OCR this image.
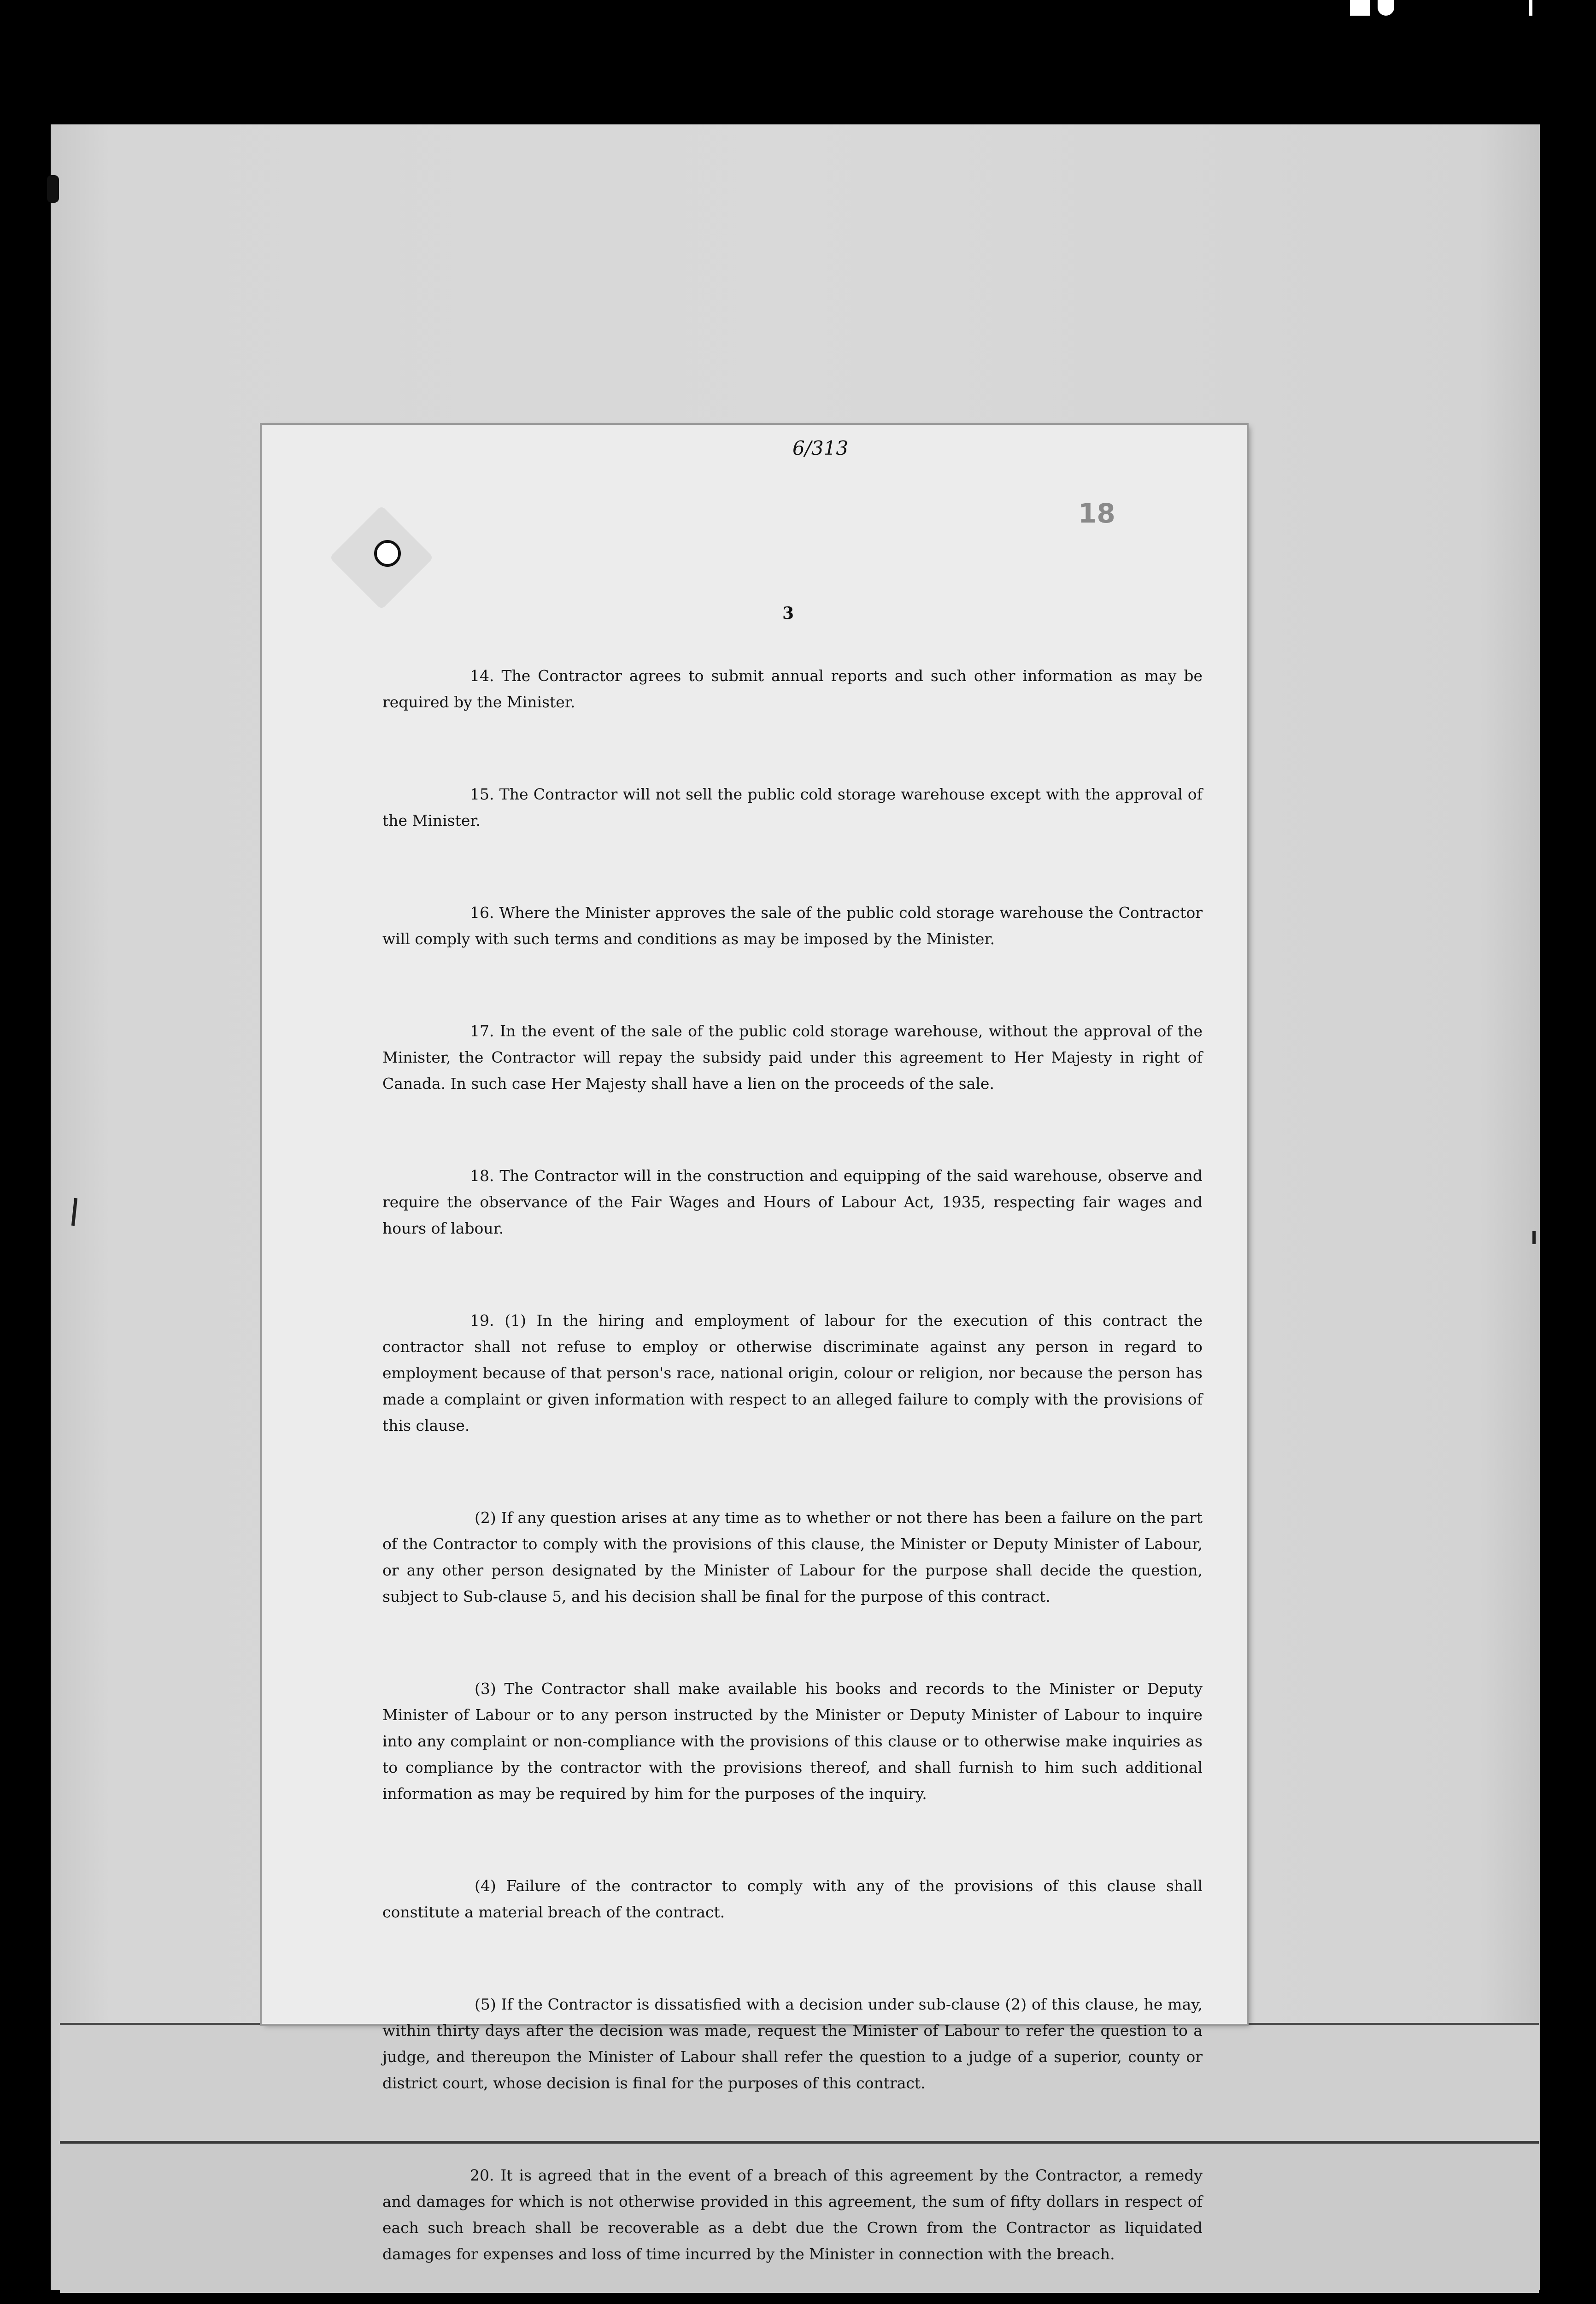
6/313
18
3

14. The Contractor agrees to submit annual reports and such other information as may be required by the Minister.

15. The Contractor will not sell the public cold storage warehouse except with the approval of the Minister.

16. Where the Minister approves the sale of the public cold storage warehouse the Contractor will comply with such terms and conditions as may be imposed by the Minister.

17. In the event of the sale of the public cold storage warehouse, without the approval of the Minister, the Contractor will repay the subsidy paid under this agreement to Her Majesty in right of Canada. In such case Her Majesty shall have a lien on the proceeds of the sale.

18. The Contractor will in the construction and equipping of the said warehouse, observe and require the observance of the Fair Wages and Hours of Labour Act, 1935, respecting fair wages and hours of labour.

19. (1) In the hiring and employment of labour for the execution of this contract the contractor shall not refuse to employ or otherwise discriminate against any person in regard to employment because of that person's race, national origin, colour or religion, nor because the person has made a complaint or given information with respect to an alleged failure to comply with the provisions of this clause.

(2) If any question arises at any time as to whether or not there has been a failure on the part of the Contractor to comply with the provisions of this clause, the Minister or Deputy Minister of Labour, or any other person designated by the Minister of Labour for the purpose shall decide the question, subject to Sub-clause 5, and his decision shall be final for the purpose of this contract.

(3) The Contractor shall make available his books and records to the Minister or Deputy Minister of Labour or to any person instructed by the Minister or Deputy Minister of Labour to inquire into any complaint or non-compliance with the provisions of this clause or to otherwise make inquiries as to compliance by the contractor with the provisions thereof, and shall furnish to him such additional information as may be required by him for the purposes of the inquiry.

(4) Failure of the contractor to comply with any of the provisions of this clause shall constitute a material breach of the contract.

(5) If the Contractor is dissatisfied with a decision under sub-clause (2) of this clause, he may, within thirty days after the decision was made, request the Minister of Labour to refer the question to a judge, and thereupon the Minister of Labour shall refer the question to a judge of a superior, county or district court, whose decision is final for the purposes of this contract.

20. It is agreed that in the event of a breach of this agreement by the Contractor, a remedy and damages for which is not otherwise provided in this agreement, the sum of fifty dollars in respect of each such breach shall be recoverable as a debt due the Crown from the Contractor as liquidated damages for expenses and loss of time incurred by the Minister in connection with the breach.
